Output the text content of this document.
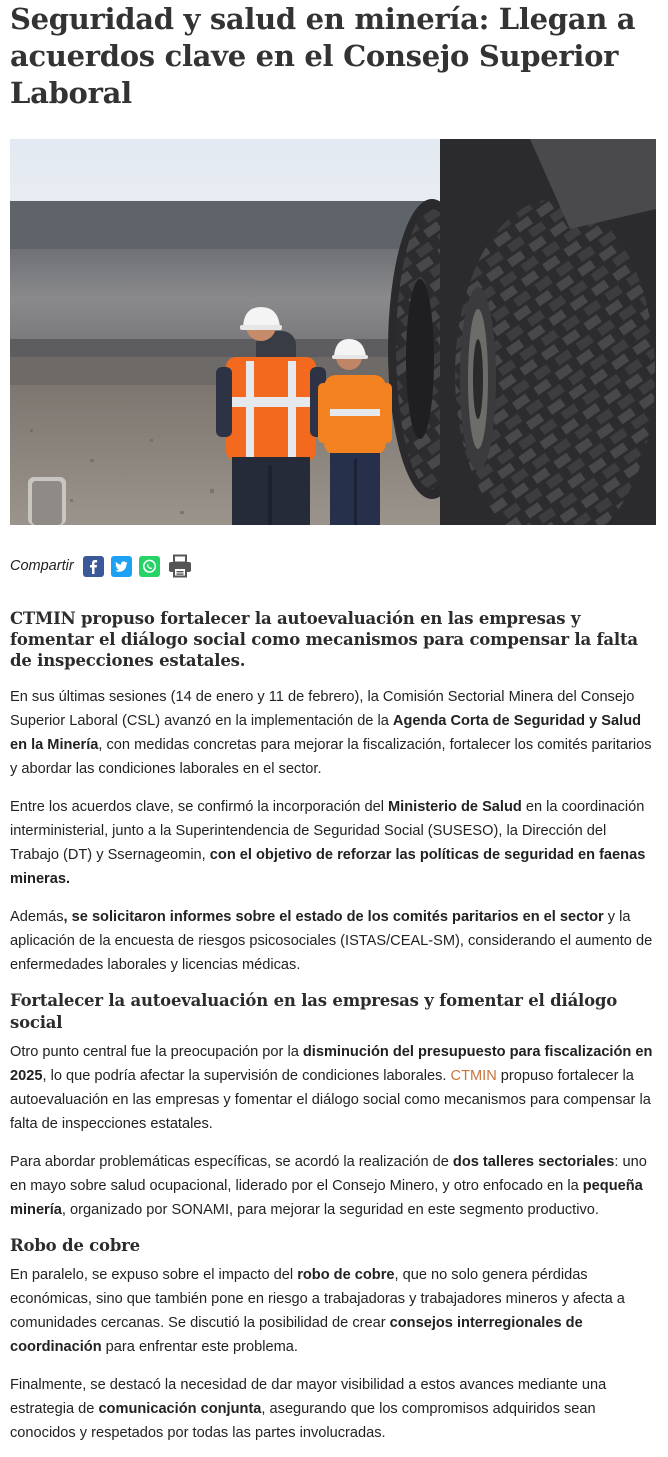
Seguridad y salud en minería: Llegan a acuerdos clave en el Consejo Superior Laboral
Compartir
CTMIN propuso fortalecer la autoevaluación en las empresas y fomentar el diálogo social como mecanismos para compensar la falta de inspecciones estatales.

En sus últimas sesiones (14 de enero y 11 de febrero), la Comisión Sectorial Minera del Consejo Superior Laboral (CSL) avanzó en la implementación de la Agenda Corta de Seguridad y Salud en la Minería, con medidas concretas para mejorar la fiscalización, fortalecer los comités paritarios y abordar las condiciones laborales en el sector.

Entre los acuerdos clave, se confirmó la incorporación del Ministerio de Salud en la coordinación interministerial, junto a la Superintendencia de Seguridad Social (SUSESO), la Dirección del Trabajo (DT) y Ssernageomin, con el objetivo de reforzar las políticas de seguridad en faenas mineras.

Además, se solicitaron informes sobre el estado de los comités paritarios en el sector y la aplicación de la encuesta de riesgos psicosociales (ISTAS/CEAL-SM), considerando el aumento de enfermedades laborales y licencias médicas.

Fortalecer la autoevaluación en las empresas y fomentar el diálogo social

Otro punto central fue la preocupación por la disminución del presupuesto para fiscalización en 2025, lo que podría afectar la supervisión de condiciones laborales. CTMIN propuso fortalecer la autoevaluación en las empresas y fomentar el diálogo social como mecanismos para compensar la falta de inspecciones estatales.

Para abordar problemáticas específicas, se acordó la realización de dos talleres sectoriales: uno en mayo sobre salud ocupacional, liderado por el Consejo Minero, y otro enfocado en la pequeña minería, organizado por SONAMI, para mejorar la seguridad en este segmento productivo.

Robo de cobre

En paralelo, se expuso sobre el impacto del robo de cobre, que no solo genera pérdidas económicas, sino que también pone en riesgo a trabajadoras y trabajadores mineros y afecta a comunidades cercanas. Se discutió la posibilidad de crear consejos interregionales de coordinación para enfrentar este problema.

Finalmente, se destacó la necesidad de dar mayor visibilidad a estos avances mediante una estrategia de comunicación conjunta, asegurando que los compromisos adquiridos sean conocidos y respetados por todas las partes involucradas.
